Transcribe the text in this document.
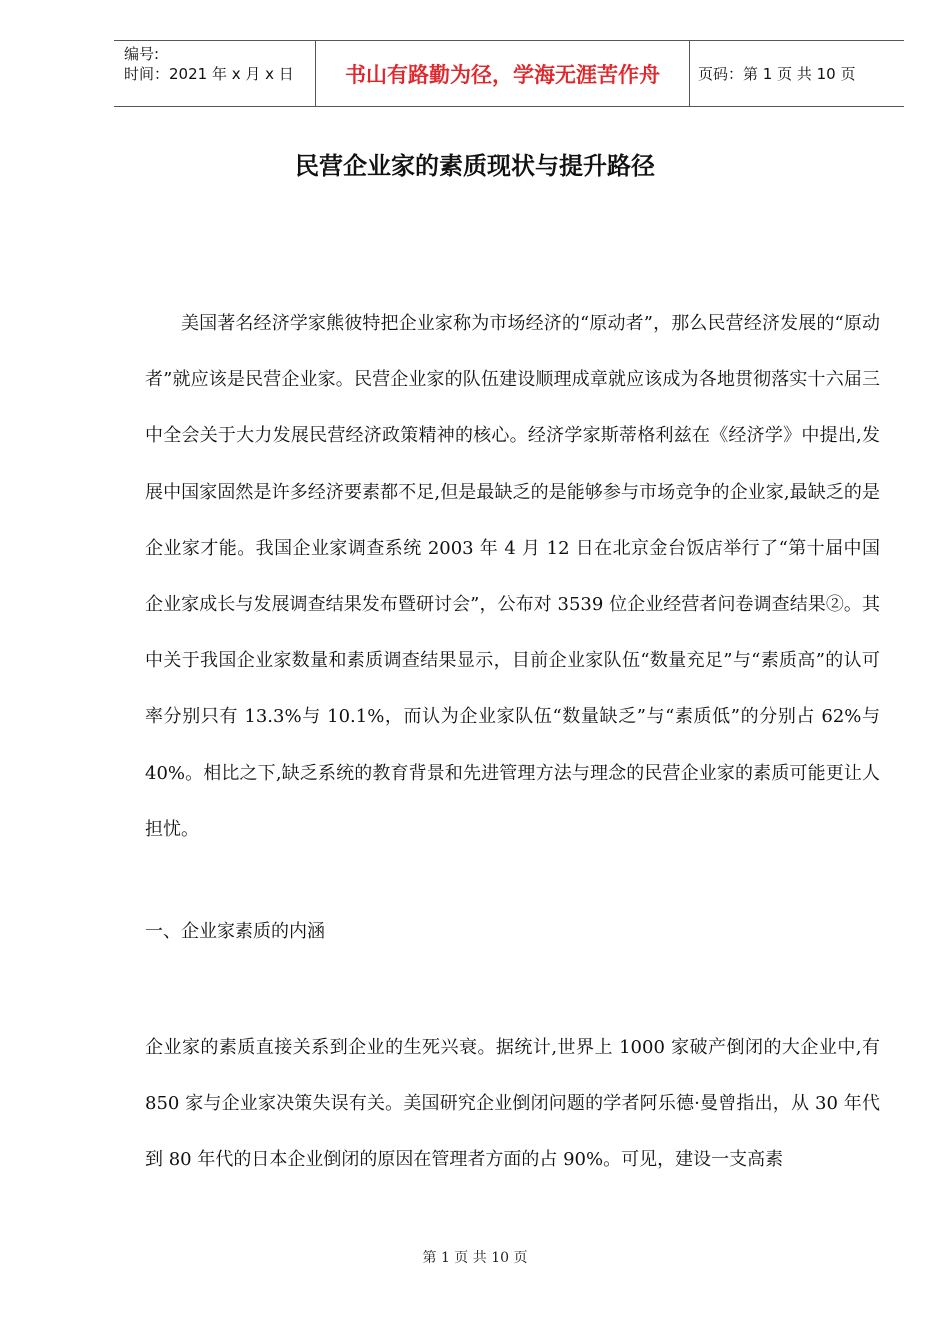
编号:
时间：2021 年 x 月 x 日	书山有路勤为径，学海无涯苦作舟	页码：第 1 页 共 10 页
民营企业家的素质现状与提升路径
美国著名经济学家熊彼特把企业家称为市场经济的“原动者”，那么民营经济发展的“原动者”就应该是民营企业家。民营企业家的队伍建设顺理成章就应该成为各地贯彻落实十六届三中全会关于大力发展民营经济政策精神的核心。经济学家斯蒂格利兹在《经济学》中提出,发展中国家固然是许多经济要素都不足,但是最缺乏的是能够参与市场竞争的企业家,最缺乏的是企业家才能。我国企业家调查系统 2003 年 4 月 12 日在北京金台饭店举行了“第十届中国企业家成长与发展调查结果发布暨研讨会”，公布对 3539 位企业经营者问卷调查结果②。其中关于我国企业家数量和素质调查结果显示，目前企业家队伍“数量充足”与“素质高”的认可率分别只有 13.3%与 10.1%，而认为企业家队伍“数量缺乏”与“素质低”的分别占 62%与 40%。相比之下,缺乏系统的教育背景和先进管理方法与理念的民营企业家的素质可能更让人担忧。
一、企业家素质的内涵
企业家的素质直接关系到企业的生死兴衰。据统计,世界上 1000 家破产倒闭的大企业中,有 850 家与企业家决策失误有关。美国研究企业倒闭问题的学者阿乐德·曼曾指出，从 30 年代到 80 年代的日本企业倒闭的原因在管理者方面的占 90%。可见，建设一支高素
第 1 页 共 10 页
